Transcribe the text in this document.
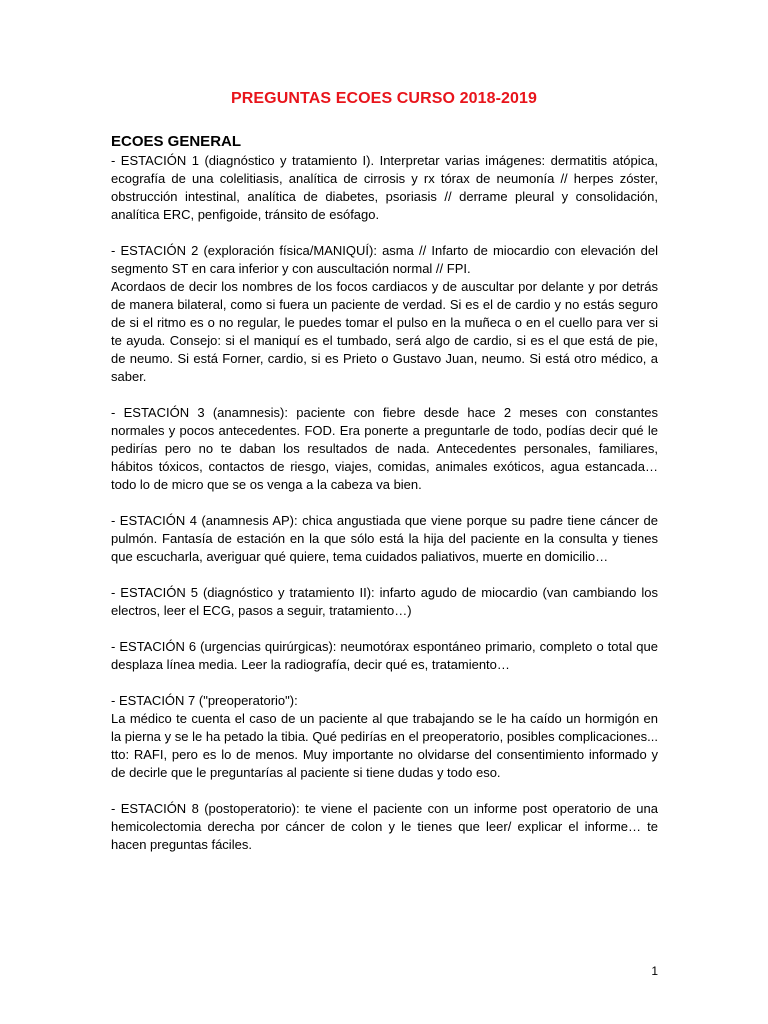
PREGUNTAS ECOES CURSO 2018-2019
ECOES GENERAL

- ESTACIÓN 1 (diagnóstico y tratamiento I). Interpretar varias imágenes: dermatitis atópica, ecografía de una colelitiasis, analítica de cirrosis y rx tórax de neumonía // herpes zóster, obstrucción intestinal, analítica de diabetes, psoriasis // derrame pleural y consolidación, analítica ERC, penfigoide, tránsito de esófago.

- ESTACIÓN 2 (exploración física/MANIQUÍ): asma // Infarto de miocardio con elevación del segmento ST en cara inferior y con auscultación normal // FPI.

Acordaos de decir los nombres de los focos cardiacos y de auscultar por delante y por detrás de manera bilateral, como si fuera un paciente de verdad. Si es el de cardio y no estás seguro de si el ritmo es o no regular, le puedes tomar el pulso en la muñeca o en el cuello para ver si te ayuda. Consejo: si el maniquí es el tumbado, será algo de cardio, si es el que está de pie, de neumo. Si está Forner, cardio, si es Prieto o Gustavo Juan, neumo. Si está otro médico, a saber.

- ESTACIÓN 3 (anamnesis): paciente con fiebre desde hace 2 meses con constantes normales y pocos antecedentes. FOD. Era ponerte a preguntarle de todo, podías decir qué le pedirías pero no te daban los resultados de nada. Antecedentes personales, familiares, hábitos tóxicos, contactos de riesgo, viajes, comidas, animales exóticos, agua estancada… todo lo de micro que se os venga a la cabeza va bien.

- ESTACIÓN 4 (anamnesis AP): chica angustiada que viene porque su padre tiene cáncer de pulmón. Fantasía de estación en la que sólo está la hija del paciente en la consulta y tienes que escucharla, averiguar qué quiere, tema cuidados paliativos, muerte en domicilio…

- ESTACIÓN 5 (diagnóstico y tratamiento II): infarto agudo de miocardio (van cambiando los electros, leer el ECG, pasos a seguir, tratamiento…)

- ESTACIÓN 6 (urgencias quirúrgicas): neumotórax espontáneo primario, completo o total que desplaza línea media. Leer la radiografía, decir qué es, tratamiento…

- ESTACIÓN 7 ("preoperatorio"):

La médico te cuenta el caso de un paciente al que trabajando se le ha caído un hormigón en la pierna y se le ha petado la tibia. Qué pedirías en el preoperatorio, posibles complicaciones... tto: RAFI, pero es lo de menos. Muy importante no olvidarse del consentimiento informado y de decirle que le preguntarías al paciente si tiene dudas y todo eso.

- ESTACIÓN 8 (postoperatorio): te viene el paciente con un informe post operatorio de una hemicolectomia derecha por cáncer de colon y le tienes que leer/ explicar el informe… te hacen preguntas fáciles.

1
